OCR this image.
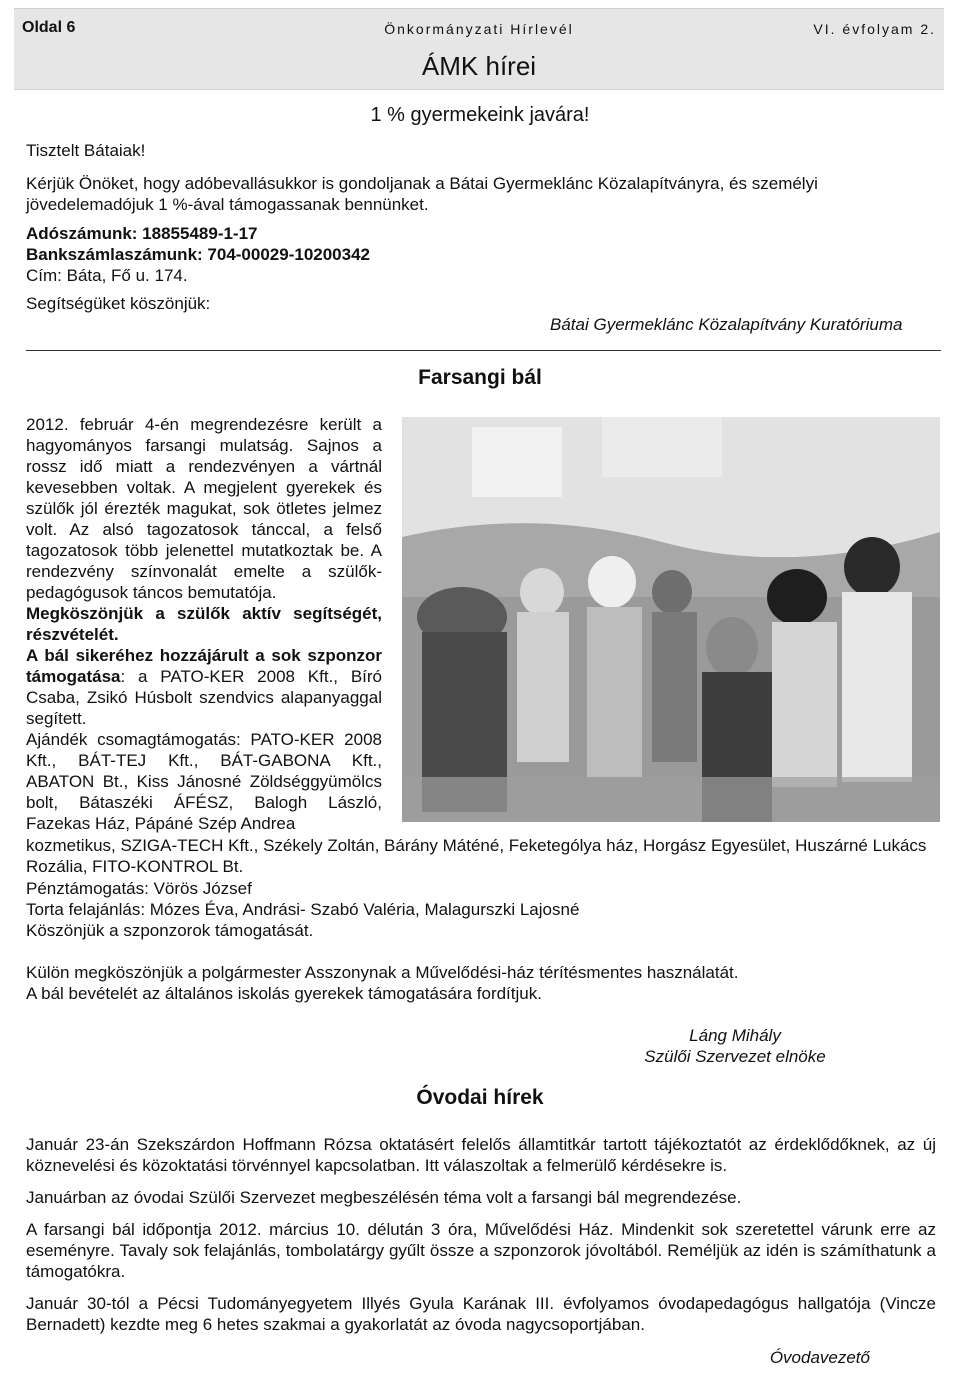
Oldal 6	Önkormányzati Hírlevél	VI. évfolyam 2.
ÁMK hírei
1 % gyermekeink javára!
Tisztelt Bátaiak!
Kérjük Önöket, hogy adóbevallásukkor is gondoljanak a Bátai Gyermeklánc Közalapítványra, és személyi jövedelemadójuk 1 %-ával támogassanak bennünket.
Adószámunk: 18855489-1-17
Bankszámlaszámunk: 704-00029-10200342
Cím: Báta, Fő u. 174.
Segítségüket köszönjük:
Bátai Gyermeklánc Közalapítvány Kuratóriuma
Farsangi bál

2012. február 4-én megrendezésre került a hagyományos farsangi mulatság. Sajnos a rossz idő miatt a rendezvényen a vártnál kevesebben voltak. A megjelent gyerekek és szülők jól érezték magukat, sok ötletes jelmez volt. Az alsó tagozatosok tánccal, a felső tagozatosok több jelenettel mutatkoztak be. A rendezvény színvonalát emelte a szülők- pedagógusok táncos bemutatója.

Megköszönjük a szülők aktív segítségét, részvételét.

A bál sikeréhez hozzájárult a sok szponzor támogatása: a PATO-KER 2008 Kft., Bíró Csaba, Zsikó Húsbolt szendvics alapanyaggal segített.

Ajándék csomagtámogatás: PATO-KER 2008 Kft., BÁT-TEJ Kft., BÁT-GABONA Kft., ABATON Bt., Kiss Jánosné Zöldséggyümölcs bolt, Bátaszéki ÁFÉSZ, Balogh László, Fazekas Ház, Pápáné Szép Andrea

kozmetikus, SZIGA-TECH Kft., Székely Zoltán, Bárány Máténé, Feketególya ház, Horgász Egyesület, Huszárné Lukács Rozália, FITO-KONTROL Bt.
Pénztámogatás: Vörös József
Torta felajánlás: Mózes Éva, Andrási- Szabó Valéria, Malagurszki Lajosné
Köszönjük a szponzorok támogatását.
Külön megköszönjük a polgármester Asszonynak a Művelődési-ház térítésmentes használatát.
A bál bevételét az általános iskolás gyerekek támogatására fordítjuk.
Láng Mihály
Szülői Szervezet elnöke
Óvodai hírek
Január 23-án Szekszárdon Hoffmann Rózsa oktatásért felelős államtitkár tartott tájékoztatót az érdeklődőknek, az új köznevelési és közoktatási törvénnyel kapcsolatban. Itt válaszoltak a felmerülő kérdésekre is.
Januárban az óvodai Szülői Szervezet megbeszélésén téma volt a farsangi bál megrendezése.
A farsangi bál időpontja 2012. március 10. délután 3 óra, Művelődési Ház. Mindenkit sok szeretettel várunk erre az eseményre. Tavaly sok felajánlás, tombolatárgy gyűlt össze a szponzorok jóvoltából. Reméljük az idén is számíthatunk a támogatókra.
Január 30-tól a Pécsi Tudományegyetem Illyés Gyula Karának III. évfolyamos óvodapedagógus hallgatója (Vincze Bernadett) kezdte meg 6 hetes szakmai a gyakorlatát az óvoda nagycsoportjában.
Óvodavezető
